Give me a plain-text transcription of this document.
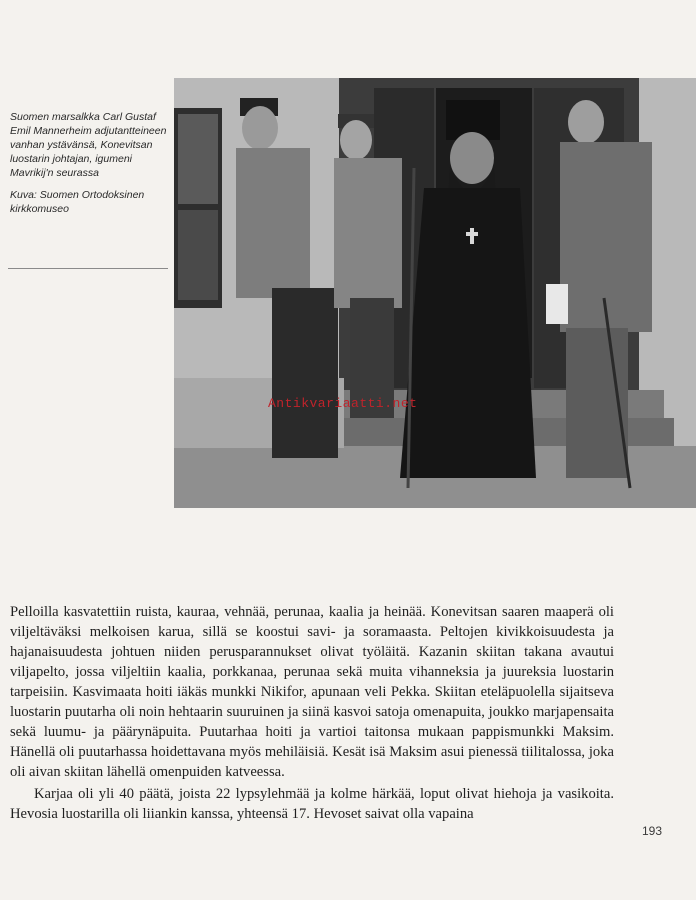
Suomen marsalkka Carl Gustaf Emil Mannerheim adjutantteineen vanhan ystävänsä, Konevitsan luostarin johtajan, igumeni Mavrikij'n seurassa

Kuva: Suomen Ortodoksinen kirkkomuseo

Antikvariaatti.net

Pelloilla kasvatettiin ruista, kauraa, vehnää, perunaa, kaalia ja heinää. Konevitsan saaren maaperä oli viljeltäväksi melkoisen karua, sillä se koostui savi- ja soramaasta. Peltojen kivikkoisuudesta ja hajanaisuudesta johtuen niiden perusparannukset olivat työläitä. Kazanin skiitan takana avautui viljapelto, jossa viljeltiin kaalia, porkkanaa, perunaa sekä muita vihanneksia ja juureksia luostarin tarpeisiin. Kasvimaata hoiti iäkäs munkki Nikifor, apunaan veli Pekka. Skiitan eteläpuolella sijaitseva luostarin puutarha oli noin hehtaarin suuruinen ja siinä kasvoi satoja omenapuita, joukko marjapensaita sekä luumu- ja päärynäpuita. Puutarhaa hoiti ja vartioi taitonsa mukaan pappismunkki Maksim. Hänellä oli puutarhassa hoidettavana myös mehiläisiä. Kesät isä Maksim asui pienessä tiilitalossa, joka oli aivan skiitan lähellä omenpuiden katveessa.

Karjaa oli yli 40 päätä, joista 22 lypsylehmää ja kolme härkää, loput olivat hiehoja ja vasikoita. Hevosia luostarilla oli liiankin kanssa, yhteensä 17. Hevoset saivat olla vapaina

193
